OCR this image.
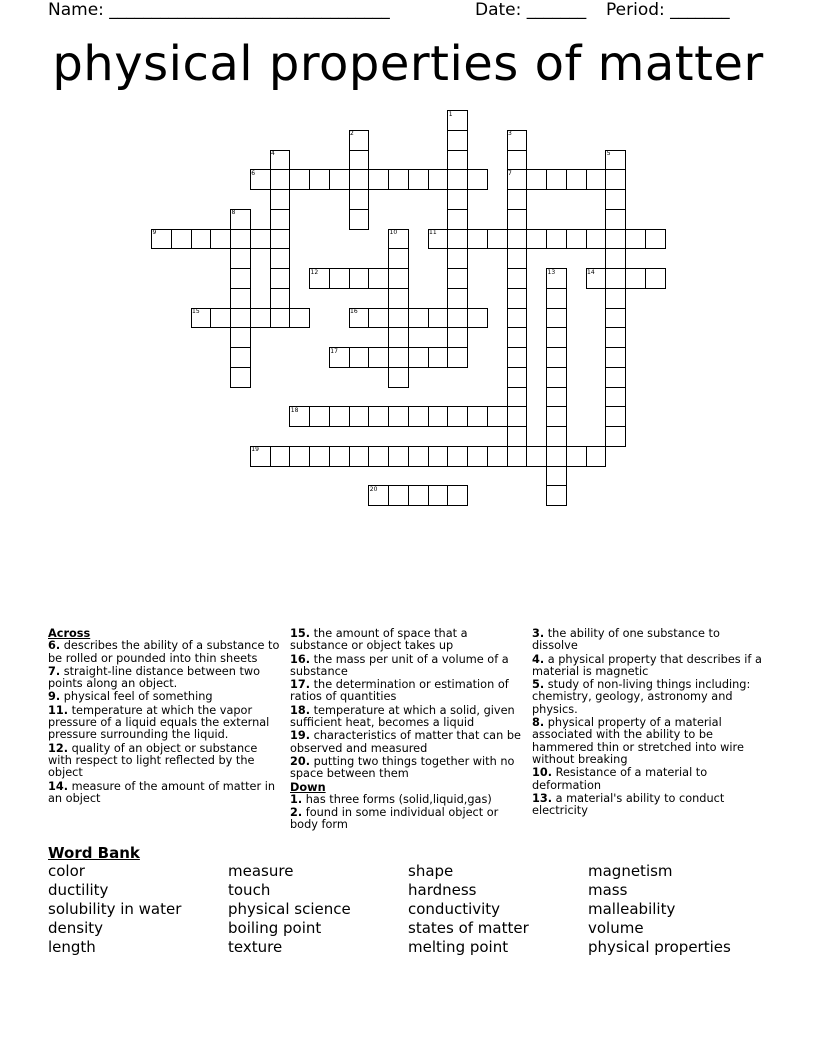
Name: _________________________________	Date: _______ Period: _______
physical properties of matter
1
2	3
4	5
6	7
8
9	10	11
12	13	14
15	16
17
18
19
20
Across
6. describes the ability of a substance to be rolled or pounded into thin sheets
7. straight-line distance between two points along an object.
9. physical feel of something
11. temperature at which the vapor pressure of a liquid equals the external pressure surrounding the liquid.
12. quality of an object or substance with respect to light reflected by the object
14. measure of the amount of matter in an object
15. the amount of space that a substance or object takes up
16. the mass per unit of a volume of a substance
17. the determination or estimation of ratios of quantities
18. temperature at which a solid, given sufficient heat, becomes a liquid
19. characteristics of matter that can be observed and measured
20. putting two things together with no space between them
Down
1. has three forms (solid,liquid,gas)
2. found in some individual object or body form
3. the ability of one substance to dissolve
4. a physical property that describes if a material is magnetic
5. study of non-living things including: chemistry, geology, astronomy and physics.
8. physical property of a material associated with the ability to be hammered thin or stretched into wire without breaking
10. Resistance of a material to deformation
13. a material's ability to conduct electricity
Word Bank
color
ductility
solubility in water
density
length
measure
touch
physical science
boiling point
texture
shape
hardness
conductivity
states of matter
melting point
magnetism
mass
malleability
volume
physical properties
